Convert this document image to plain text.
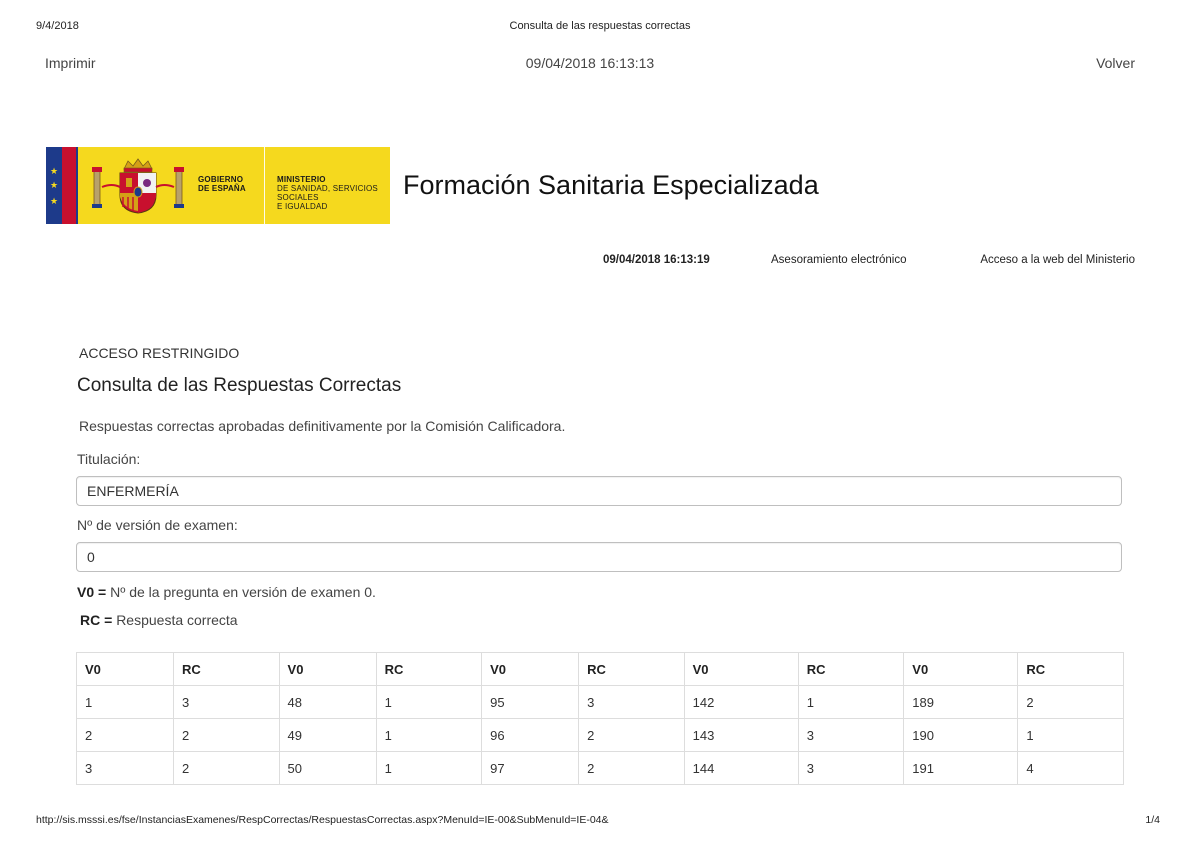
9/4/2018	Consulta de las respuestas correctas
Imprimir	09/04/2018 16:13:13	Volver
★
★
★
GOBIERNO
DE ESPAÑA
MINISTERIO
DE SANIDAD, SERVICIOS SOCIALES
E IGUALDAD
Formación Sanitaria Especializada
09/04/2018 16:13:19	Asesoramiento electrónico	Acceso a la web del Ministerio
ACCESO RESTRINGIDO
Consulta de las Respuestas Correctas
Respuestas correctas aprobadas definitivamente por la Comisión Calificadora.
Titulación:
ENFERMERÍA
Nº de versión de examen:
0
V0 = Nº de la pregunta en versión de examen 0.
RC = Respuesta correcta
V0	RC	V0	RC	V0	RC	V0	RC	V0	RC
1	3	48	1	95	3	142	1	189	2
2	2	49	1	96	2	143	3	190	1
3	2	50	1	97	2	144	3	191	4
http://sis.msssi.es/fse/InstanciasExamenes/RespCorrectas/RespuestasCorrectas.aspx?MenuId=IE-00&SubMenuId=IE-04&	1/4
